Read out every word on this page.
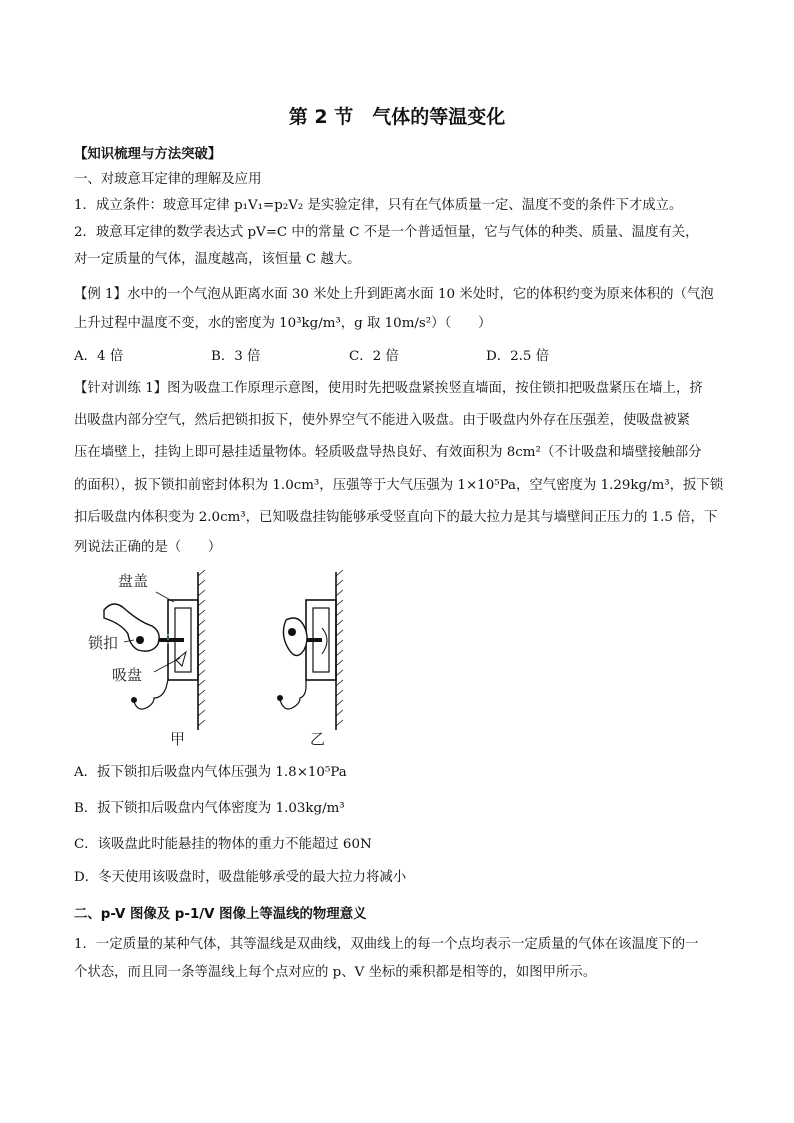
第 2 节　气体的等温变化
【知识梳理与方法突破】
一、对玻意耳定律的理解及应用
1．成立条件：玻意耳定律 p₁V₁=p₂V₂ 是实验定律，只有在气体质量一定、温度不变的条件下才成立。
2．玻意耳定律的数学表达式 pV=C 中的常量 C 不是一个普适恒量，它与气体的种类、质量、温度有关，
对一定质量的气体，温度越高，该恒量 C 越大。
【例 1】水中的一个气泡从距离水面 30 米处上升到距离水面 10 米处时，它的体积约变为原来体积的（气泡
上升过程中温度不变，水的密度为 10³kg/m³，g 取 10m/s²）（　　）
A．4 倍	B．3 倍	C．2 倍	D．2.5 倍
【针对训练 1】图为吸盘工作原理示意图，使用时先把吸盘紧挨竖直墙面，按住锁扣把吸盘紧压在墙上，挤
出吸盘内部分空气，然后把锁扣扳下，使外界空气不能进入吸盘。由于吸盘内外存在压强差，使吸盘被紧
压在墙壁上，挂钩上即可悬挂适量物体。轻质吸盘导热良好、有效面积为 8cm²（不计吸盘和墙壁接触部分
的面积），扳下锁扣前密封体积为 1.0cm³，压强等于大气压强为 1×10⁵Pa，空气密度为 1.29kg/m³，扳下锁
扣后吸盘内体积变为 2.0cm³，已知吸盘挂钩能够承受竖直向下的最大拉力是其与墙壁间正压力的 1.5 倍，下
列说法正确的是（　　）
盘盖
锁扣
吸盘
甲	乙
A．扳下锁扣后吸盘内气体压强为 1.8×10⁵Pa
B．扳下锁扣后吸盘内气体密度为 1.03kg/m³
C．该吸盘此时能悬挂的物体的重力不能超过 60N
D．冬天使用该吸盘时，吸盘能够承受的最大拉力将减小
二、p-V 图像及 p-1/V 图像上等温线的物理意义
1．一定质量的某种气体，其等温线是双曲线，双曲线上的每一个点均表示一定质量的气体在该温度下的一
个状态，而且同一条等温线上每个点对应的 p、V 坐标的乘积都是相等的，如图甲所示。
